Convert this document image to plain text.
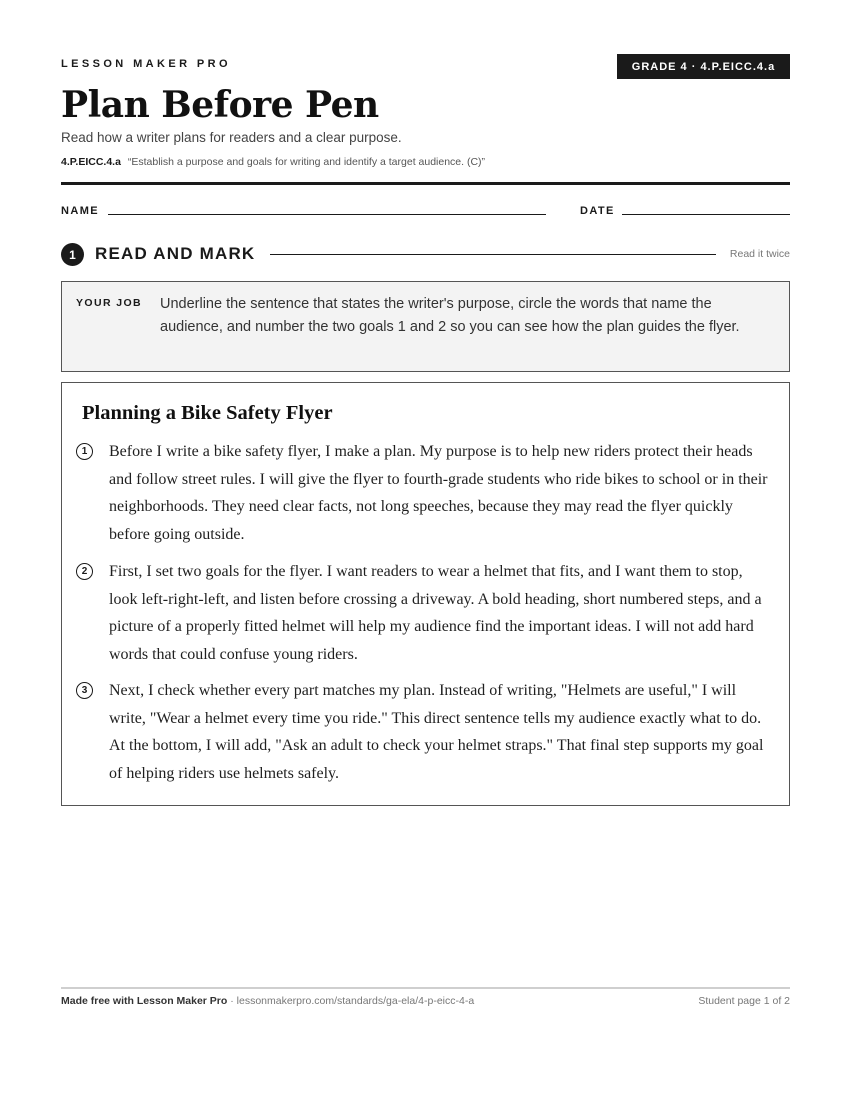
LESSON MAKER PRO	GRADE 4 · 4.P.EICC.4.a
Plan Before Pen
Read how a writer plans for readers and a clear purpose.
4.P.EICC.4.a “Establish a purpose and goals for writing and identify a target audience. (C)”
NAME	DATE
1	READ AND MARK	Read it twice
YOUR JOB Underline the sentence that states the writer's purpose, circle the words that name the audience, and number the two goals 1 and 2 so you can see how the plan guides the flyer.
Planning a Bike Safety Flyer
1	Before I write a bike safety flyer, I make a plan. My purpose is to help new riders protect their heads and follow street rules. I will give the flyer to fourth-grade students who ride bikes to school or in their neighborhoods. They need clear facts, not long speeches, because they may read the flyer quickly before going outside.

2	First, I set two goals for the flyer. I want readers to wear a helmet that fits, and I want them to stop, look left-right-left, and listen before crossing a driveway. A bold heading, short numbered steps, and a picture of a properly fitted helmet will help my audience find the important ideas. I will not add hard words that could confuse young riders.

3	Next, I check whether every part matches my plan. Instead of writing, "Helmets are useful," I will write, "Wear a helmet every time you ride." This direct sentence tells my audience exactly what to do. At the bottom, I will add, "Ask an adult to check your helmet straps." That final step supports my goal of helping riders use helmets safely.

Made free with Lesson Maker Pro · lessonmakerpro.com/standards/ga-ela/4-p-eicc-4-a	Student page 1 of 2
